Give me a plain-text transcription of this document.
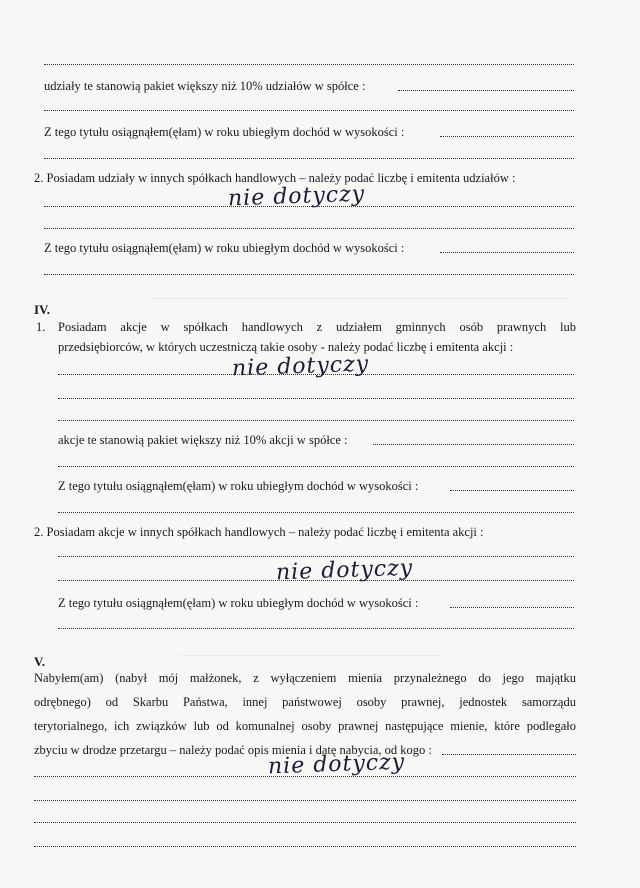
udziały te stanowią pakiet większy niż 10% udziałów w spółce :
Z tego tytułu osiągnąłem(ęłam) w roku ubiegłym dochód w wysokości :
2. Posiadam udziały w innych spółkach handlowych – należy podać liczbę i emitenta udziałów :
nie dotyczy
Z tego tytułu osiągnąłem(ęłam) w roku ubiegłym dochód w wysokości :
IV.
1. Posiadam akcje w spółkach handlowych z udziałem gminnych osób prawnych lub
przedsiębiorców, w których uczestniczą takie osoby - należy podać liczbę i emitenta akcji :
nie dotyczy
akcje te stanowią pakiet większy niż 10% akcji w spółce :
Z tego tytułu osiągnąłem(ęłam) w roku ubiegłym dochód w wysokości :
2. Posiadam akcje w innych spółkach handlowych – należy podać liczbę i emitenta akcji :
nie dotyczy
Z tego tytułu osiągnąłem(ęłam) w roku ubiegłym dochód w wysokości :
V.
Nabyłem(am) (nabył mój małżonek, z wyłączeniem mienia przynależnego do jego majątku
odrębnego) od Skarbu Państwa, innej państwowej osoby prawnej, jednostek samorządu
terytorialnego, ich związków lub od komunalnej osoby prawnej następujące mienie, które podlegało
zbyciu w drodze przetargu – należy podać opis mienia i datę nabycia, od kogo :
nie dotyczy
